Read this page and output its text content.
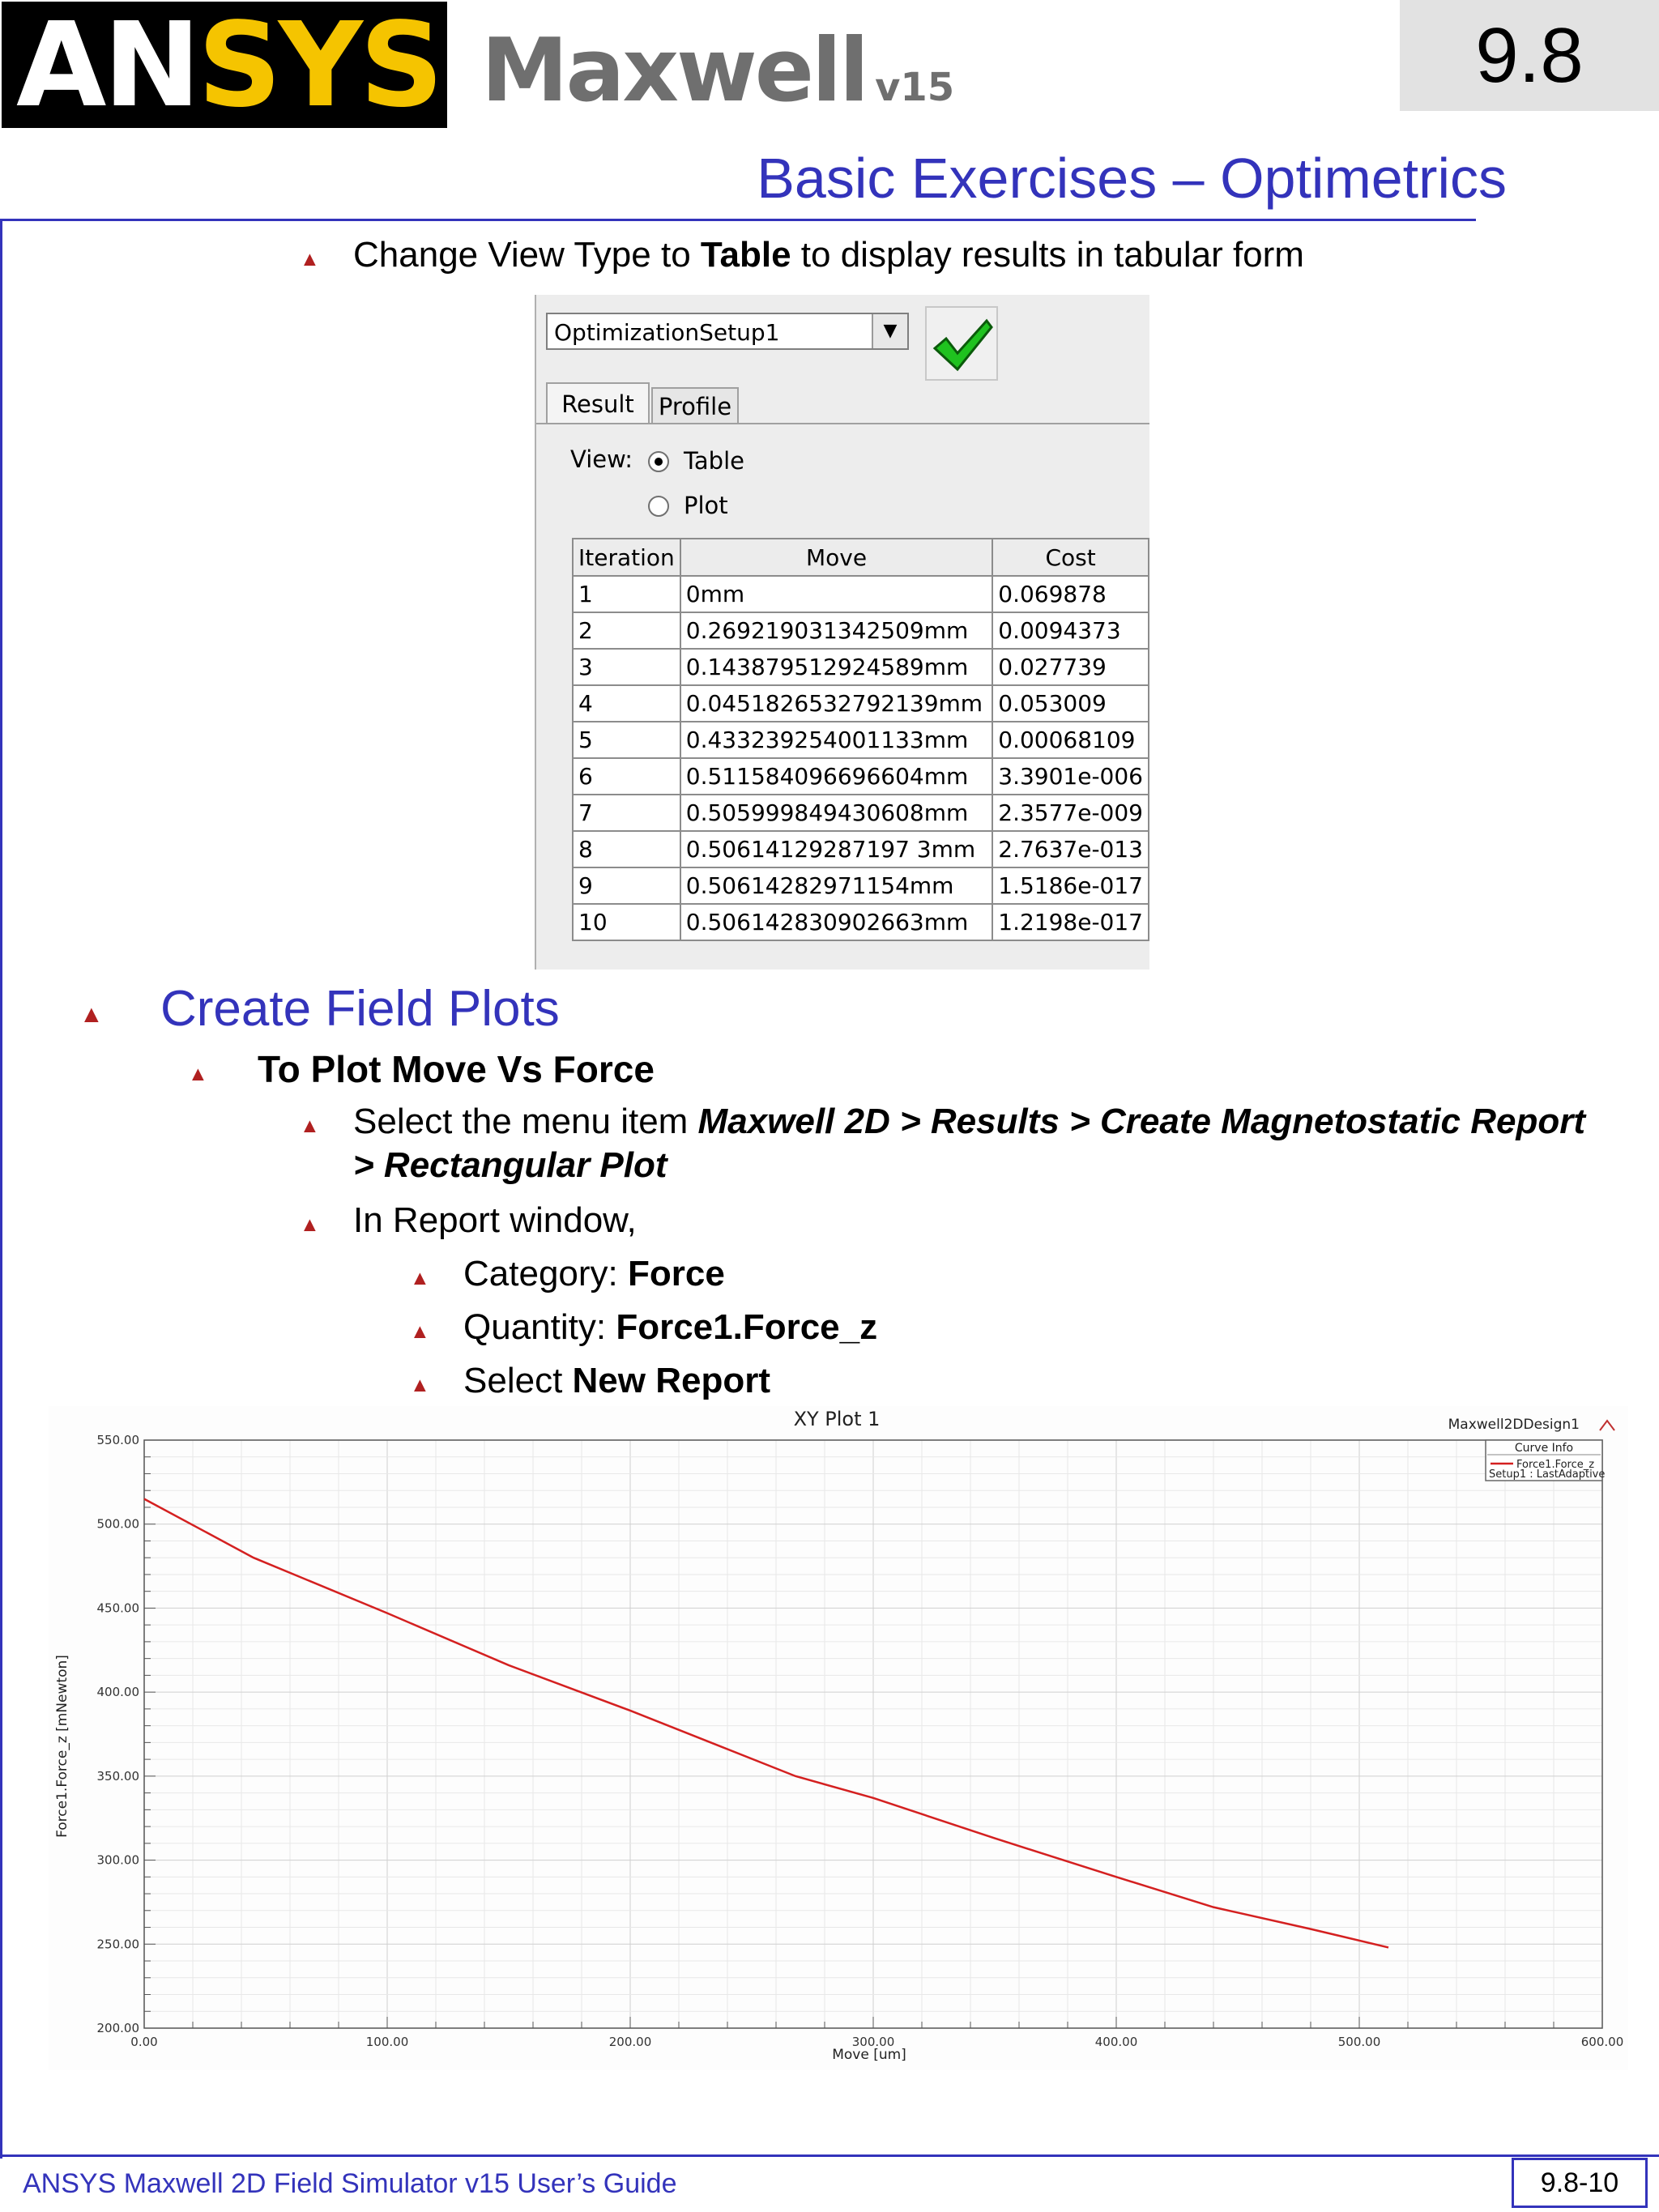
ANSYS®
Maxwell v15	9.8
Basic Exercises – Optimetrics
▲ Change View Type to Table to display results in tabular form
OptimizationSetup1	▼
Result	Profile
View: Table
Plot
Iteration	Move	Cost
1	0mm	0.069878
2	0.269219031342509mm	0.0094373
3	0.143879512924589mm	0.027739
4	0.0451826532792139mm	0.053009
5	0.433239254001133mm	0.00068109
6	0.511584096696604mm	3.3901e-006
7	0.505999849430608mm	2.3577e-009
8	0.50614129287197 3mm	2.7637e-013
9	0.50614282971154mm	1.5186e-017
10	0.506142830902663mm	1.2198e-017
▲ Create Field Plots
▲ To Plot Move Vs Force
▲ Select the menu item Maxwell 2D > Results > Create Magnetostatic Report
> Rectangular Plot
▲ In Report window,
▲ Category: Force
▲ Quantity: Force1.Force_z
▲ Select New Report
0.00	100.00	200.00	300.00	400.00	500.00	600.00
200.00
250.00
300.00
350.00
400.00
450.00
500.00
550.00
XY Plot 1	Maxwell2DDesign1
Curve Info
Force1.Force_z
Setup1 : LastAdaptive
Move [um]
Force1.Force_z [mNewton]
ANSYS Maxwell 2D Field Simulator v15 User’s Guide	9.8-10
